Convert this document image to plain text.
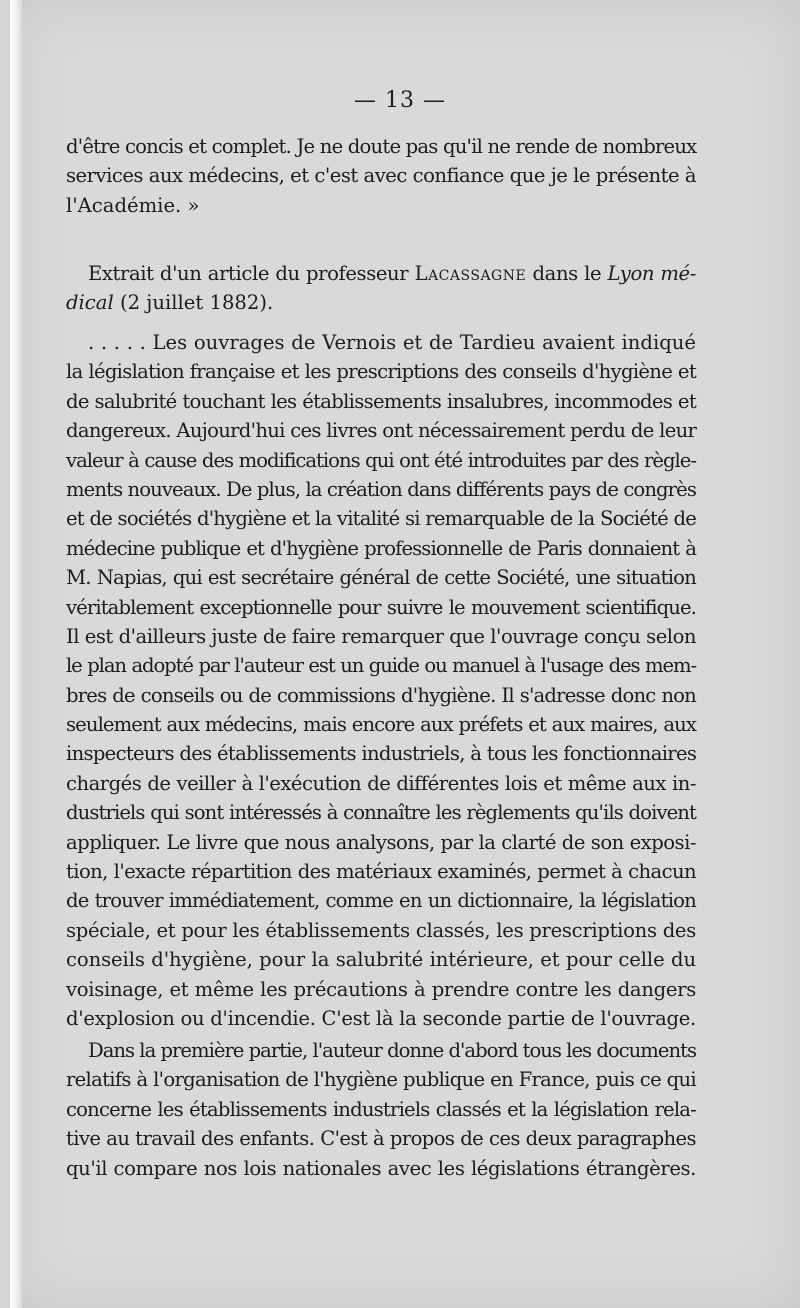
— 13 —
d'être concis et complet. Je ne doute pas qu'il ne rende de nombreux
services aux médecins, et c'est avec confiance que je le présente à
l'Académie. »
Extrait d'un article du professeur Lacassagne dans le Lyon mé-
dical (2 juillet 1882).
. . . . . Les ouvrages de Vernois et de Tardieu avaient indiqué
la législation française et les prescriptions des conseils d'hygiène et
de salubrité touchant les établissements insalubres, incommodes et
dangereux. Aujourd'hui ces livres ont nécessairement perdu de leur
valeur à cause des modifications qui ont été introduites par des règle-
ments nouveaux. De plus, la création dans différents pays de congrès
et de sociétés d'hygiène et la vitalité si remarquable de la Société de
médecine publique et d'hygiène professionnelle de Paris donnaient à
M. Napias, qui est secrétaire général de cette Société, une situation
véritablement exceptionnelle pour suivre le mouvement scientifique.
Il est d'ailleurs juste de faire remarquer que l'ouvrage conçu selon
le plan adopté par l'auteur est un guide ou manuel à l'usage des mem-
bres de conseils ou de commissions d'hygiène. Il s'adresse donc non
seulement aux médecins, mais encore aux préfets et aux maires, aux
inspecteurs des établissements industriels, à tous les fonctionnaires
chargés de veiller à l'exécution de différentes lois et même aux in-
dustriels qui sont intéressés à connaître les règlements qu'ils doivent
appliquer. Le livre que nous analysons, par la clarté de son exposi-
tion, l'exacte répartition des matériaux examinés, permet à chacun
de trouver immédiatement, comme en un dictionnaire, la législation
spéciale, et pour les établissements classés, les prescriptions des
conseils d'hygiène, pour la salubrité intérieure, et pour celle du
voisinage, et même les précautions à prendre contre les dangers
d'explosion ou d'incendie. C'est là la seconde partie de l'ouvrage.
Dans la première partie, l'auteur donne d'abord tous les documents
relatifs à l'organisation de l'hygiène publique en France, puis ce qui
concerne les établissements industriels classés et la législation rela-
tive au travail des enfants. C'est à propos de ces deux paragraphes
qu'il compare nos lois nationales avec les législations étrangères.
